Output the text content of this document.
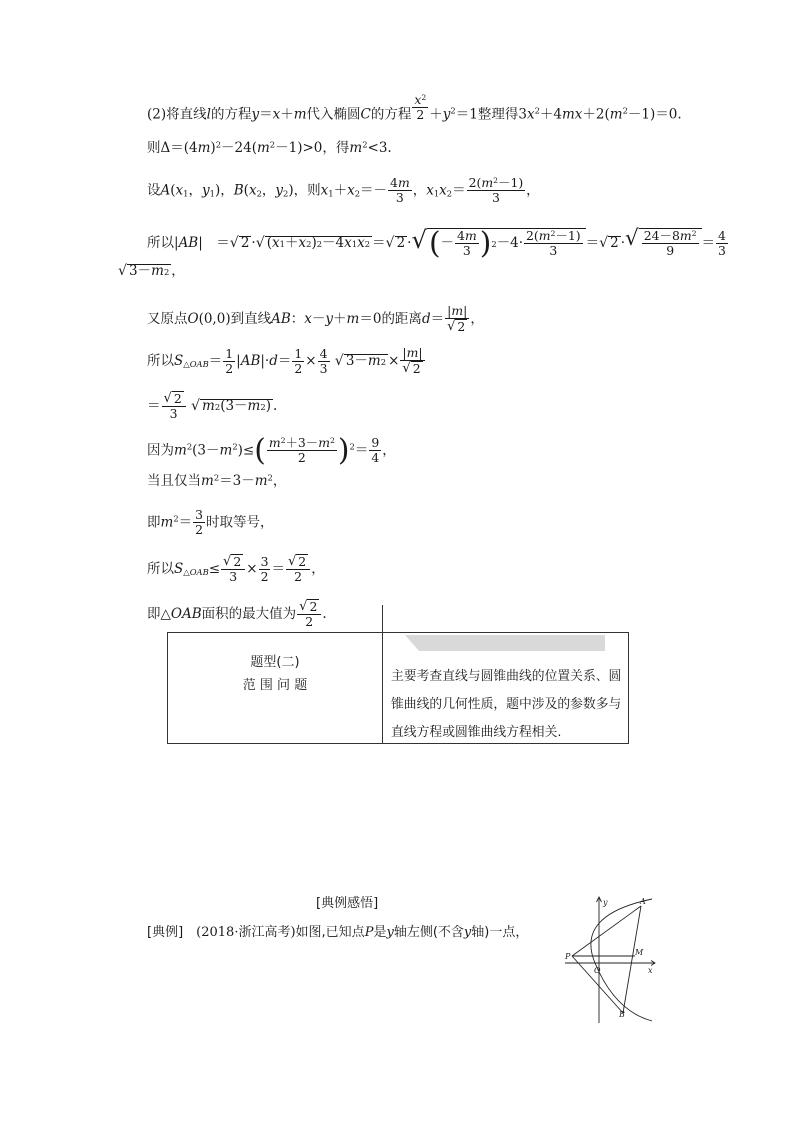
(2)将直线l的方程y＝x＋m代入椭圆C的方程 $\frac{x^2}{2} +y^2=1$整理得$3x^2+4mx+2(m^2-1)=0$.
则$\Delta=(4m)^2-24(m^2-1)>0$，得$m^2<3$.
设$A(x_1$，$y_1$)，$B(x_2$，$y_2$)，则$x_1+x_2=- \frac{4m}{3}$ ，$x_1x_2= \frac{2(m^2-1)}{3}$ ，
所以|AB|　＝ √ 2 · √ ( x 1 ＋ x 2 ) 2 －4 x 1 x 2 ＝ √ 2 · √ ( － $\frac{4m}{3}$ ) $2 -4\cdot \frac{2(m^2-1)}{3}$ ＝ √ 2 · √ $\frac{24-8m^2}{9} = \frac{4}{3}$
√ 3－ m 2 ，
又原点O(0,0)到直线AB：x－y＋m＝0的距离$d= \frac{|m|}{√ 2}$ ，
所以$S_{\triangle OAB}= \frac{1}{2} |AB|\cdot d= \frac{1}{2} \times \frac{4}{3}$
√ 3－ m $2 \times \frac{|m|}{√ 2}$
＝ $\frac{√ 2}{3}$
√ m 2 (3－ m 2 ) .
因为$m^2(3-m^2)\le( \frac{m^2+3-m^2}{2} )^2= \frac{9}{4}$ ，
当且仅当$m^2=3-m^2$，
即$m^2= \frac{3}{2}$ 时取等号，
所以$S_{\triangle OAB}\le \frac{√ 2}{3} \times \frac{3}{2} = \frac{√ 2}{2}$ ，
即△OAB面积的最大值为 $\frac{√ 2}{2}$ .
题型(二)
范 围 问 题
主要考查直线与圆锥曲线的位置关系、圆锥曲线的几何性质，题中涉及的参数多与直线方程或圆锥曲线方程相关.
[典例感悟]
[典例]　 (2018·浙江高考)如图,已知点P是y轴左侧(不含y轴)一点，
y
x
A
B
P
O
M
